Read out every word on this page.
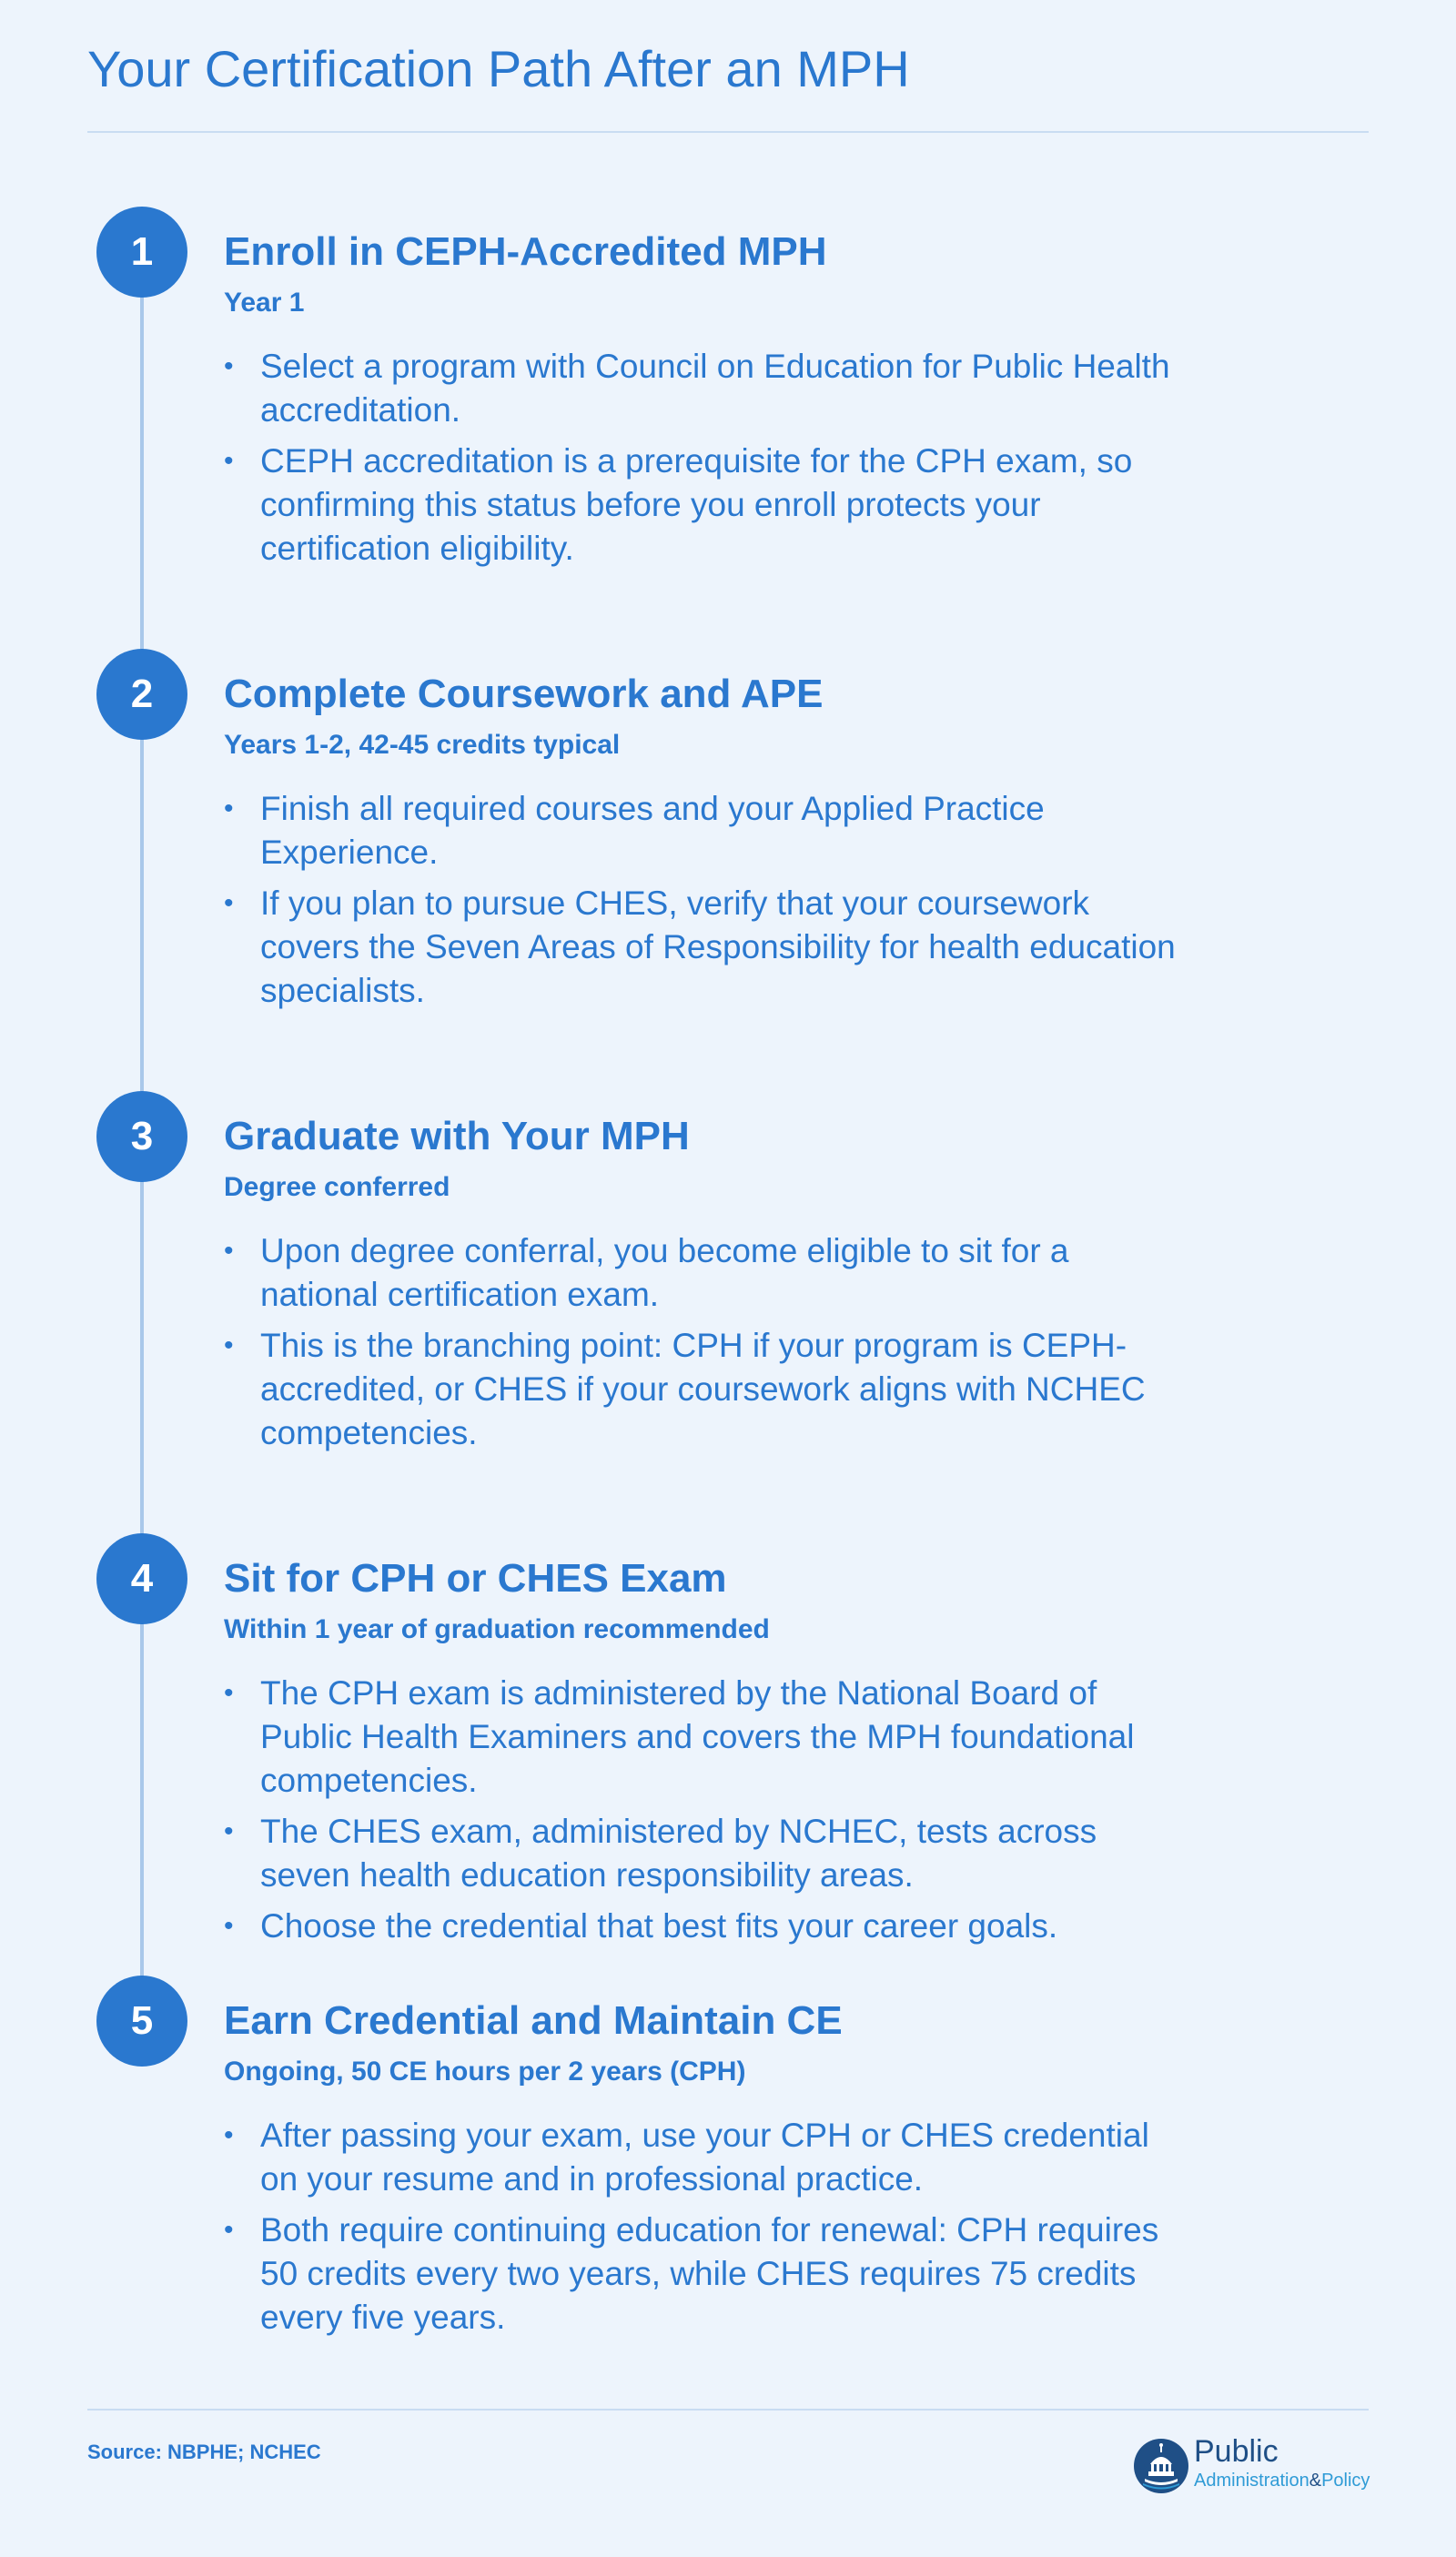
Your Certification Path After an MPH
1	Enroll in CEPH-Accredited MPH
Year 1
• Select a program with Council on Education for Public Health accreditation.
• CEPH accreditation is a prerequisite for the CPH exam, so confirming this status before you enroll protects your certification eligibility.
2	Complete Coursework and APE
Years 1-2, 42-45 credits typical
• Finish all required courses and your Applied Practice Experience.
• If you plan to pursue CHES, verify that your coursework covers the Seven Areas of Responsibility for health education specialists.
3	Graduate with Your MPH
Degree conferred
• Upon degree conferral, you become eligible to sit for a national certification exam.
• This is the branching point: CPH if your program is CEPH-accredited, or CHES if your coursework aligns with NCHEC competencies.
4	Sit for CPH or CHES Exam
Within 1 year of graduation recommended
• The CPH exam is administered by the National Board of Public Health Examiners and covers the MPH foundational competencies.
• The CHES exam, administered by NCHEC, tests across seven health education responsibility areas.
• Choose the credential that best fits your career goals.
5	Earn Credential and Maintain CE
Ongoing, 50 CE hours per 2 years (CPH)
• After passing your exam, use your CPH or CHES credential on your resume and in professional practice.
• Both require continuing education for renewal: CPH requires 50 credits every two years, while CHES requires 75 credits every five years.
Source: NBPHE; NCHEC	Public
Administration&Policy
